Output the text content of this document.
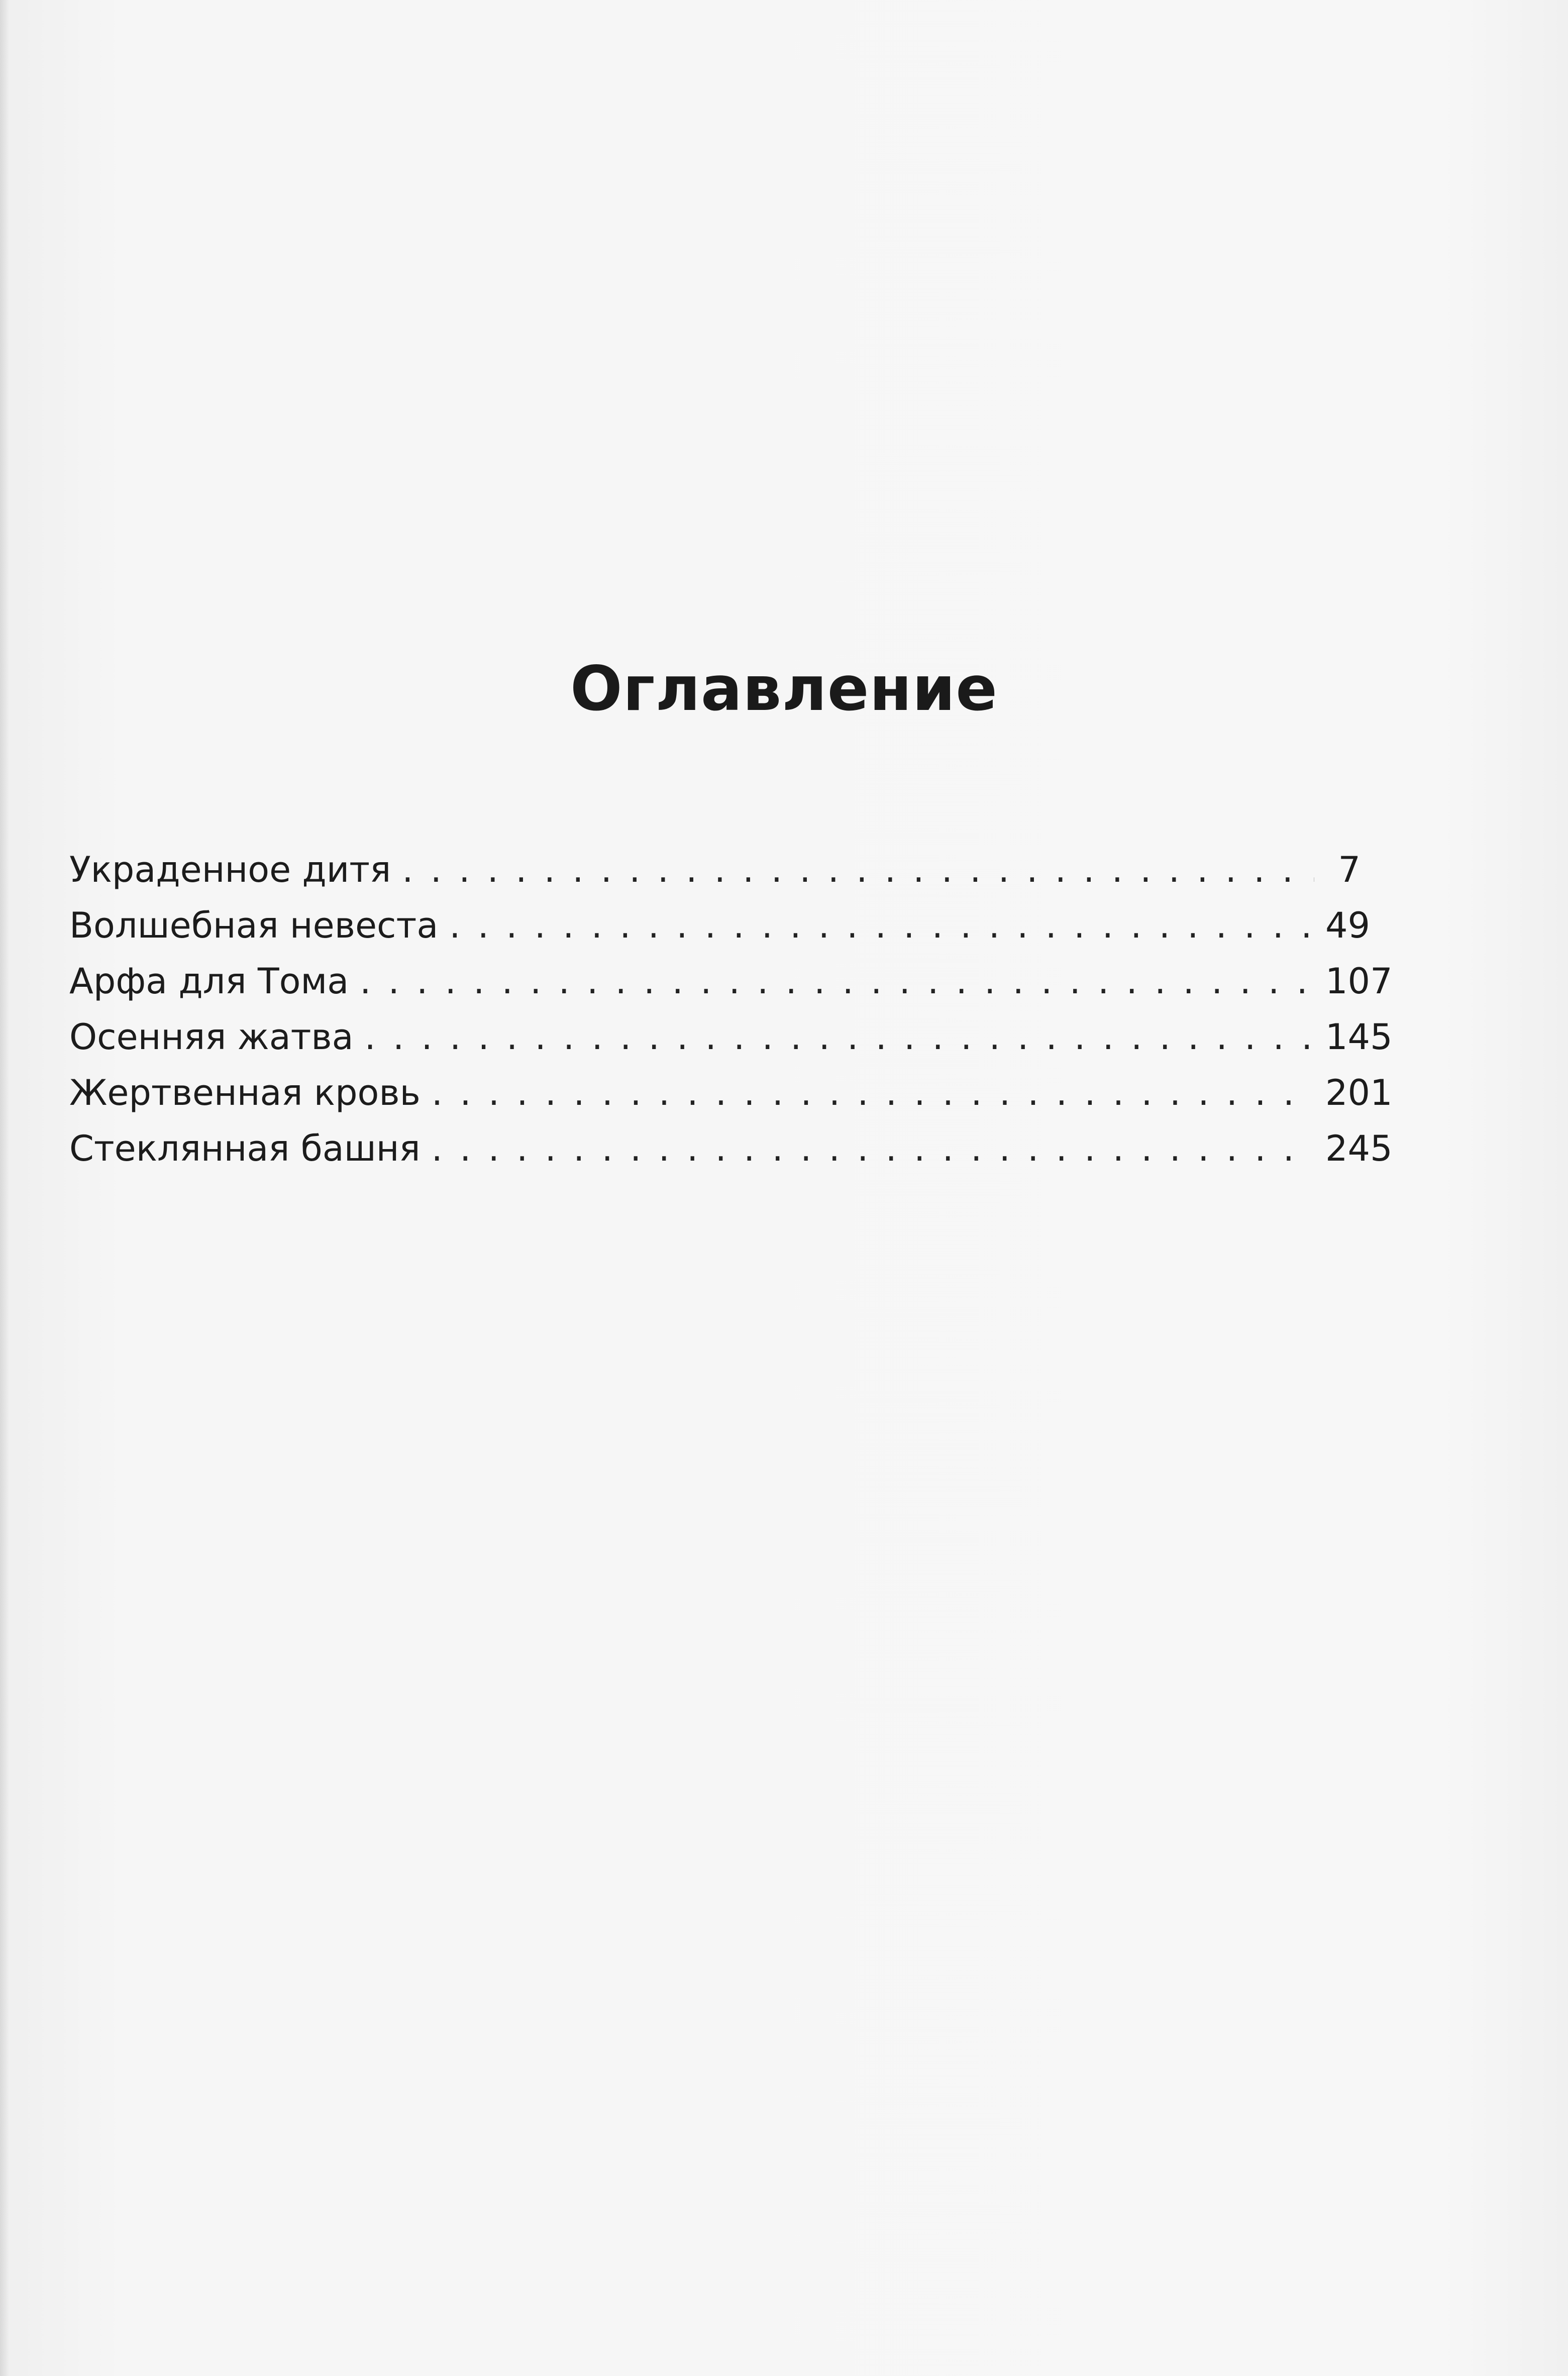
Оглавление
Украденное дитя . . .	7
Волшебная невеста . . .	49
Арфа для Тома . . .	107
Осенняя жатва . . .	145
Жертвенная кровь . . .	201
Стеклянная башня . . .	245
